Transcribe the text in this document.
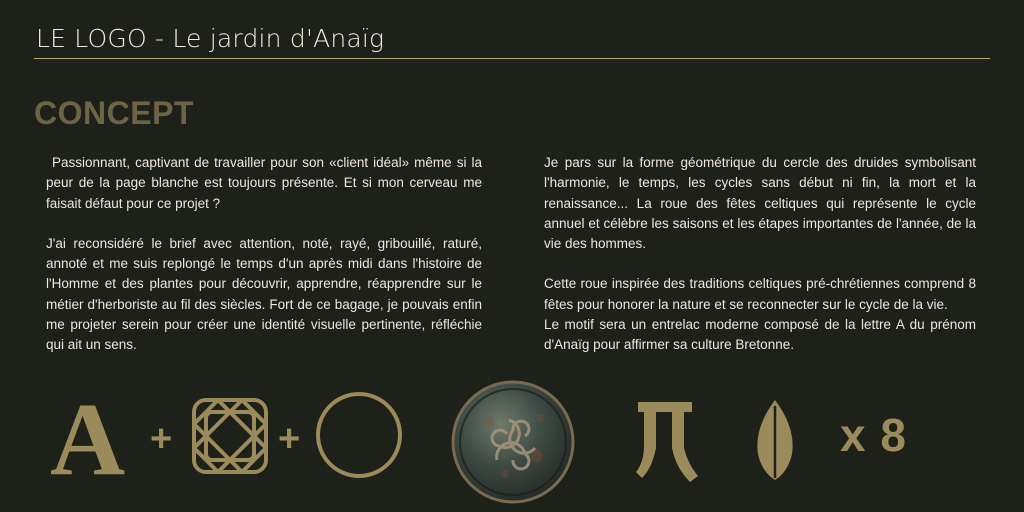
LE LOGO - Le jardin d'Anaïg
CONCEPT

Passionnant, captivant de travailler pour son «client idéal» même si la peur de la page blanche est toujours présente. Et si mon cerveau me faisait défaut pour ce projet ?

J'ai reconsidéré le brief avec attention, noté, rayé, gribouillé, raturé, annoté et me suis replongé le temps d'un après midi dans l'histoire de l'Homme et des plantes pour découvrir, apprendre, réapprendre sur le métier d'herboriste au fil des siècles. Fort de ce bagage, je pouvais enfin me projeter serein pour créer une identité visuelle pertinente, réfléchie qui ait un sens.

Je pars sur la forme géométrique du cercle des druides symbolisant l'harmonie, le temps, les cycles sans début ni fin, la mort et la renaissance... La roue des fêtes celtiques qui représente le cycle annuel et célèbre les saisons et les étapes importantes de l'année, de la vie des hommes.

Cette roue inspirée des traditions celtiques pré-chrétiennes comprend 8 fêtes pour honorer la nature et se reconnecter sur le cycle de la vie.

Le motif sera un entrelac moderne composé de la lettre A du prénom d'Anaïg pour affirmer sa culture Bretonne.

A +	+	x 8
